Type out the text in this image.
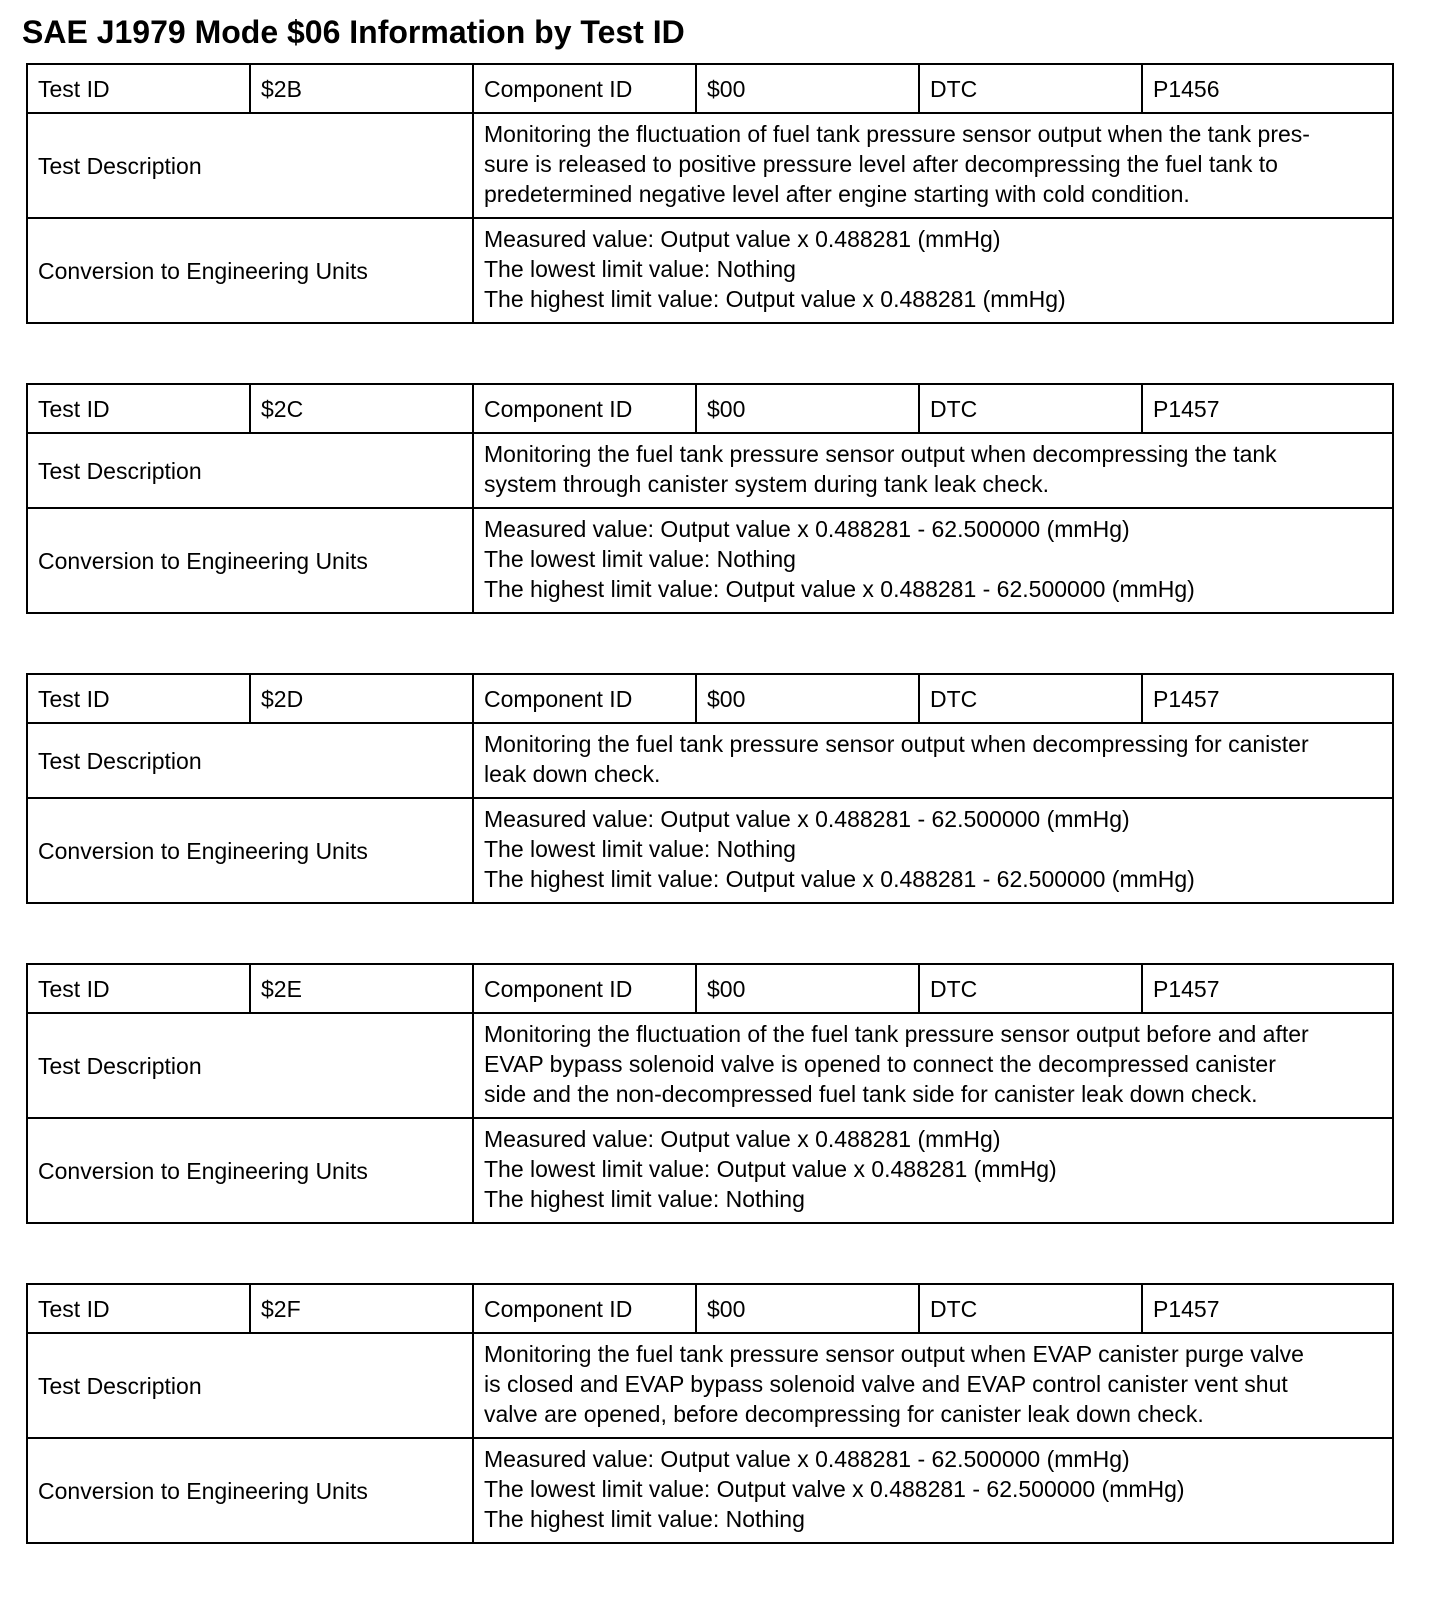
SAE J1979 Mode $06 Information by Test ID
Test ID	$2B	Component ID	$00	DTC	P1456
Test Description		Monitoring the fluctuation of fuel tank pressure sensor output when the tank pres-
sure is released to positive pressure level after decompressing the fuel tank to
predetermined negative level after engine starting with cold condition.			

Conversion to Engineering Units		Measured value: Output value x 0.488281 (mmHg)
The lowest limit value: Nothing
The highest limit value: Output value x 0.488281 (mmHg)			
Test ID	$2C	Component ID	$00	DTC	P1457
Test Description		Monitoring the fuel tank pressure sensor output when decompressing the tank
system through canister system during tank leak check.			

Conversion to Engineering Units		Measured value: Output value x 0.488281 - 62.500000 (mmHg)
The lowest limit value: Nothing
The highest limit value: Output value x 0.488281 - 62.500000 (mmHg)			
Test ID	$2D	Component ID	$00	DTC	P1457
Test Description		Monitoring the fuel tank pressure sensor output when decompressing for canister
leak down check.			

Conversion to Engineering Units		Measured value: Output value x 0.488281 - 62.500000 (mmHg)
The lowest limit value: Nothing
The highest limit value: Output value x 0.488281 - 62.500000 (mmHg)			
Test ID	$2E	Component ID	$00	DTC	P1457
Test Description		Monitoring the fluctuation of the fuel tank pressure sensor output before and after
EVAP bypass solenoid valve is opened to connect the decompressed canister
side and the non-decompressed fuel tank side for canister leak down check.			

Conversion to Engineering Units		Measured value: Output value x 0.488281 (mmHg)
The lowest limit value: Output value x 0.488281 (mmHg)
The highest limit value: Nothing			
Test ID	$2F	Component ID	$00	DTC	P1457
Test Description		Monitoring the fuel tank pressure sensor output when EVAP canister purge valve
is closed and EVAP bypass solenoid valve and EVAP control canister vent shut
valve are opened, before decompressing for canister leak down check.			

Conversion to Engineering Units		Measured value: Output value x 0.488281 - 62.500000 (mmHg)
The lowest limit value: Output valve x 0.488281 - 62.500000 (mmHg)
The highest limit value: Nothing			
